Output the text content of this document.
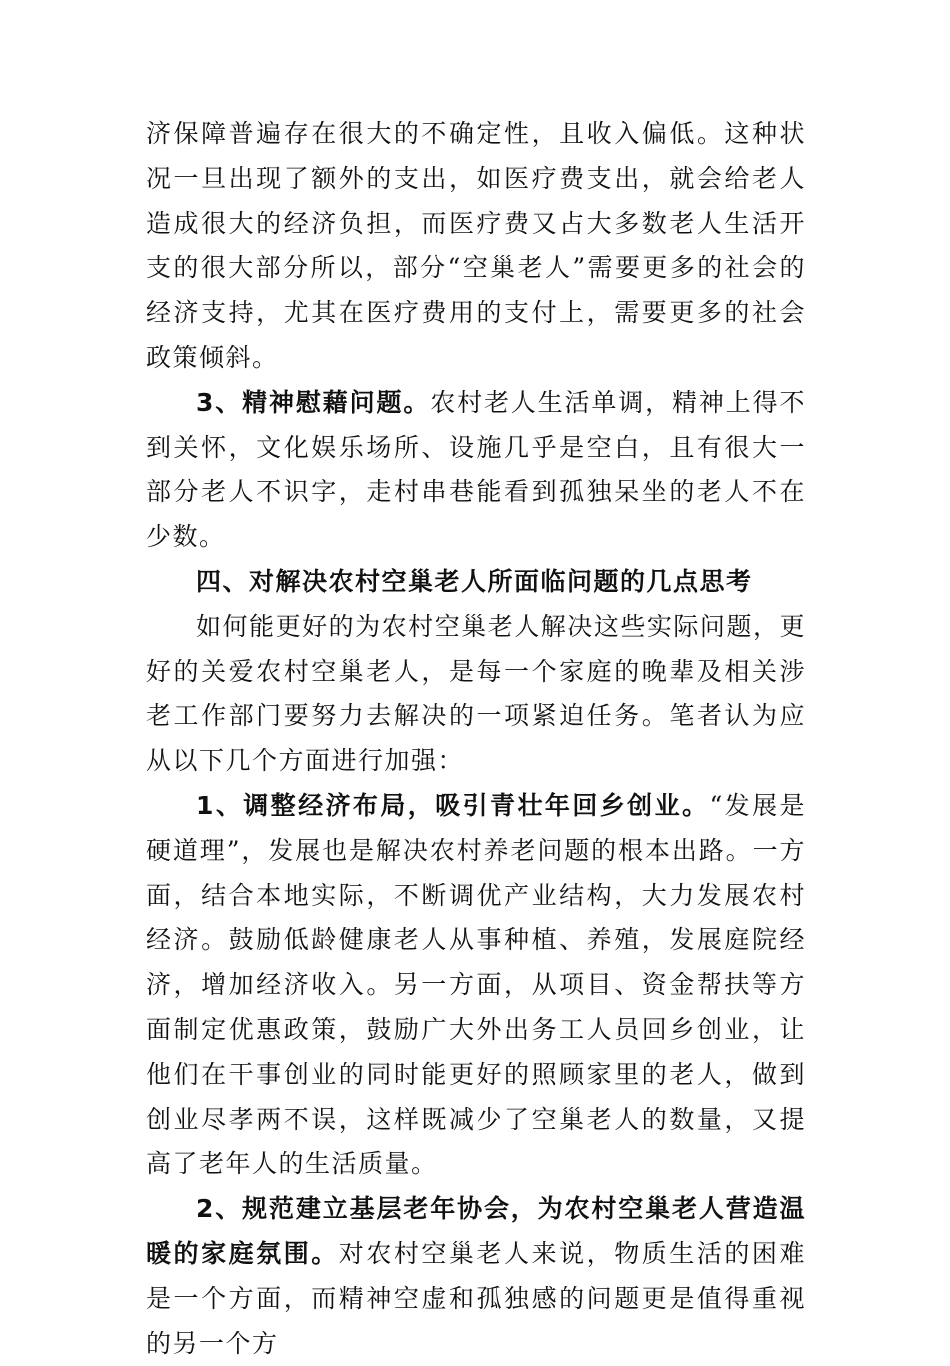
济保障普遍存在很大的不确定性，且收入偏低。这种状况一旦出现了额外的支出，如医疗费支出，就会给老人造成很大的经济负担，而医疗费又占大多数老人生活开支的很大部分所以，部分“空巢老人”需要更多的社会的经济支持，尤其在医疗费用的支付上，需要更多的社会政策倾斜。

3、精神慰藉问题。农村老人生活单调，精神上得不到关怀，文化娱乐场所、设施几乎是空白，且有很大一部分老人不识字，走村串巷能看到孤独呆坐的老人不在少数。

四、对解决农村空巢老人所面临问题的几点思考

如何能更好的为农村空巢老人解决这些实际问题，更好的关爱农村空巢老人，是每一个家庭的晚辈及相关涉老工作部门要努力去解决的一项紧迫任务。笔者认为应从以下几个方面进行加强：

1、调整经济布局，吸引青壮年回乡创业。“发展是硬道理”，发展也是解决农村养老问题的根本出路。一方面，结合本地实际，不断调优产业结构，大力发展农村经济。鼓励低龄健康老人从事种植、养殖，发展庭院经济，增加经济收入。另一方面，从项目、资金帮扶等方面制定优惠政策，鼓励广大外出务工人员回乡创业，让他们在干事创业的同时能更好的照顾家里的老人，做到创业尽孝两不误，这样既减少了空巢老人的数量，又提高了老年人的生活质量。

2、规范建立基层老年协会，为农村空巢老人营造温暖的家庭氛围。对农村空巢老人来说，物质生活的困难是一个方面，而精神空虚和孤独感的问题更是值得重视的另一个方
